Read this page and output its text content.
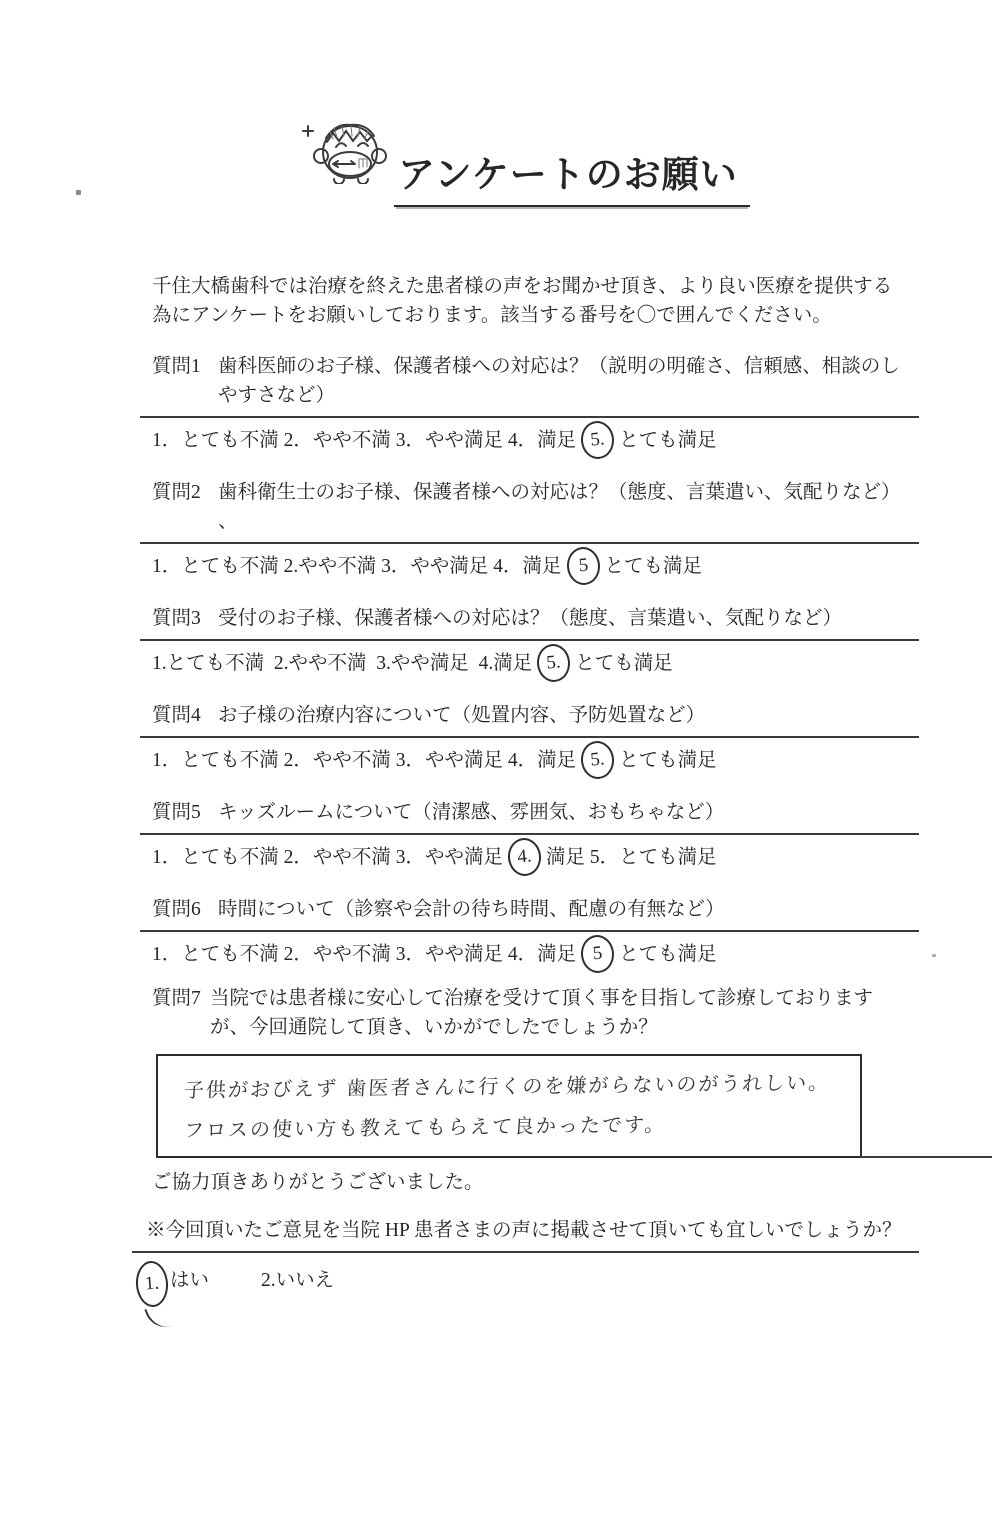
アンケートのお願い

千住大橋歯科では治療を終えた患者様の声をお聞かせ頂き、より良い医療を提供する為にアンケートをお願いしております。該当する番号を〇で囲んでください。

質問1 歯科医師のお子様、保護者様への対応は？（説明の明確さ、信頼感、相談のしやすさなど）
1．とても不満 2．やや不満 3．やや満足 4．満足 5. とても満足
質問2 歯科衛生士のお子様、保護者様への対応は？（態度、言葉遣い、気配りなど） 、
1．とても不満 2.やや不満 3．やや満足 4．満足 5 とても満足
質問3 受付のお子様、保護者様への対応は？（態度、言葉遣い、気配りなど）
1.とても不満  2.やや不満  3.やや満足  4.満足 5. とても満足
質問4 お子様の治療内容について（処置内容、予防処置など）
1．とても不満 2．やや不満 3．やや満足 4．満足 5. とても満足
質問5 キッズルームについて（清潔感、雰囲気、おもちゃなど）
1．とても不満 2．やや不満 3．やや満足 4. 満足 5．とても満足
質問6 時間について（診察や会計の待ち時間、配慮の有無など）
1．とても不満 2．やや不満 3．やや満足 4．満足 5 とても満足
質問7 当院では患者様に安心して治療を受けて頂く事を目指して診療しておりますが、今回通院して頂き、いかがでしたでしょうか？
子供がおびえず 歯医者さんに行くのを嫌がらないのがうれしい。
フロスの使い方も教えてもらえて良かったです。

ご協力頂きありがとうございました。

※今回頂いたご意見を当院 HP 患者さまの声に掲載させて頂いても宜しいでしょうか？

1. はい	2.いいえ
